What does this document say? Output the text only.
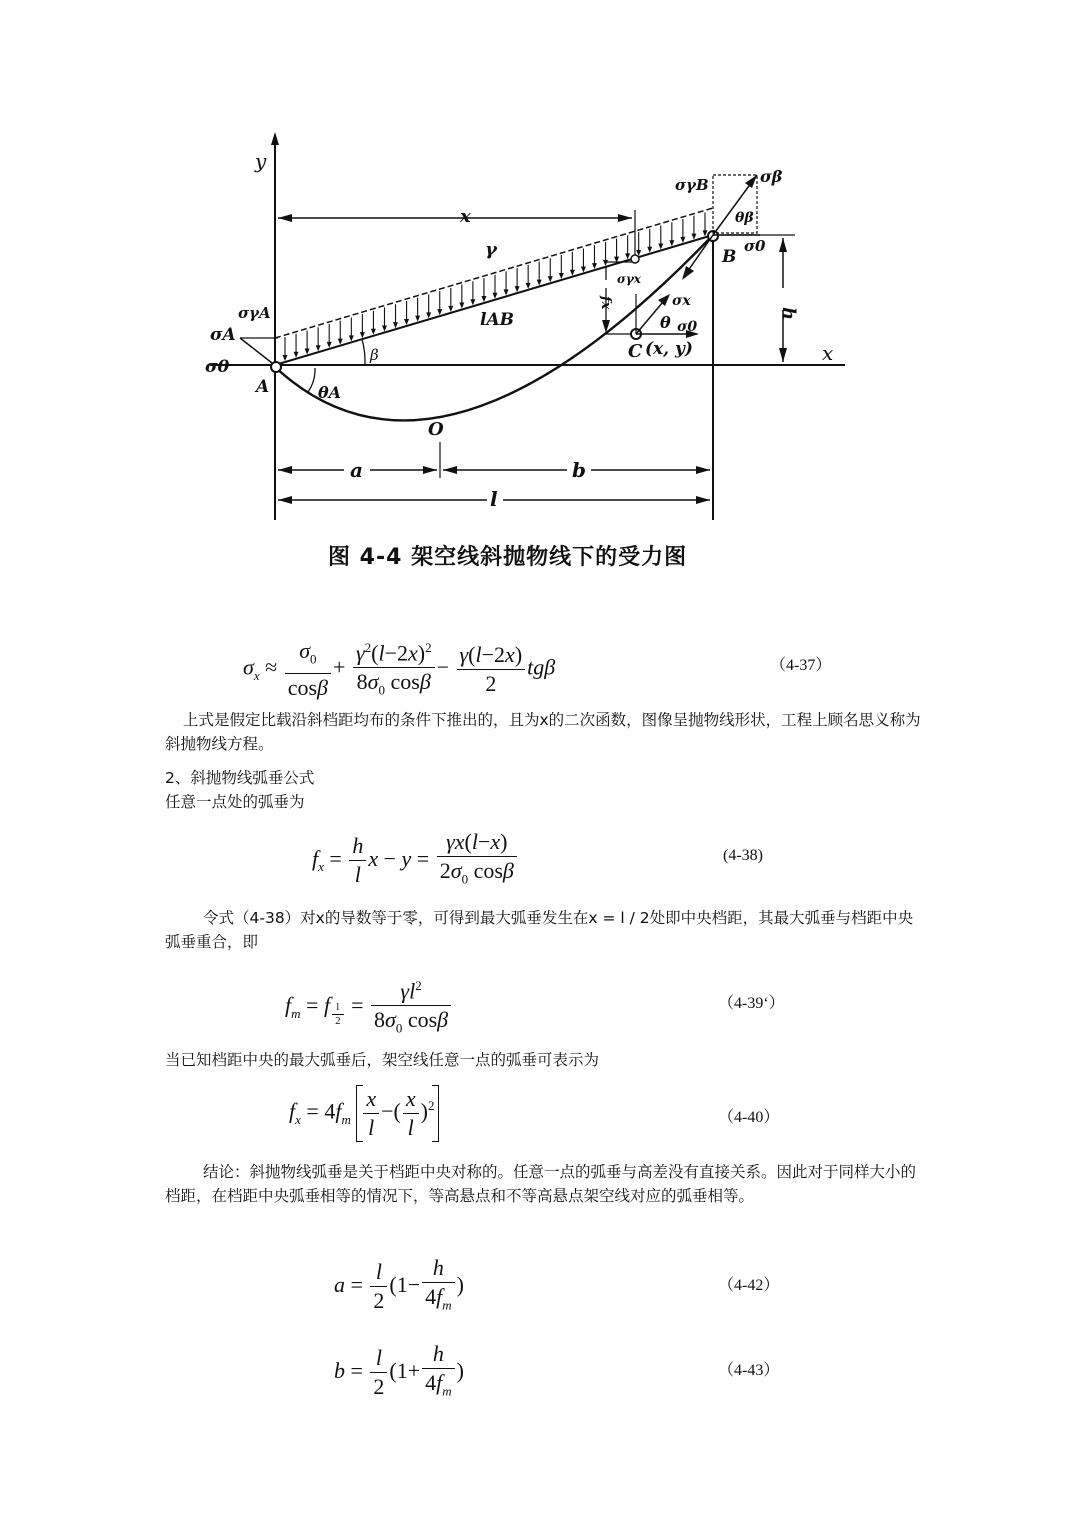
y
x
x
γ
lAB
β
σA
σ0
σγA
A	θA
O
a	b
l
σγB	σβ
θβ
σ0
B
h
σγx
fx	σx
θ σ0
C (x, y)
图 4-4 架空线斜抛物线下的受力图
$\sigma_x \approx \frac{\sigma_0}{\cos\beta} + \frac{\gamma^2(l-2x)^2}{8\sigma_0 \cos\beta} - \frac{\gamma(l-2x)}{2}$ tgβ	（4-37）
上式是假定比载沿斜档距均布的条件下推出的，且为x的二次函数，图像呈抛物线形状，工程上顾名思义称为斜抛物线方程。
2、斜抛物线弧垂公式
任意一点处的弧垂为
$f_x = \frac{h}{l}$ $x - y = \frac{\gamma x(l-x)}{2\sigma_0 \cos\beta}$	(4-38)
令式（4-38）对x的导数等于零，可得到最大弧垂发生在x = l / 2处即中央档距，其最大弧垂与档距中央弧垂重合，即
$f_m = f$ $_{\frac{l}{2}} = \frac{\gamma l^2}{8\sigma_0 \cos\beta}$	（4-39‘）
当已知档距中央的最大弧垂后，架空线任意一点的弧垂可表示为
$f_x = 4f_m \frac{x}{l}$ −( $\frac{x}{l} )^2$
（4-40）
结论：斜抛物线弧垂是关于档距中央对称的。任意一点的弧垂与高差没有直接关系。因此对于同样大小的档距，在档距中央弧垂相等的情况下，等高悬点和不等高悬点架空线对应的弧垂相等。
$a = \frac{l}{2} (1- \frac{h}{4f_m}$ )	（4-42）
$b = \frac{l}{2} (1+ \frac{h}{4f_m}$ )	（4-43）
